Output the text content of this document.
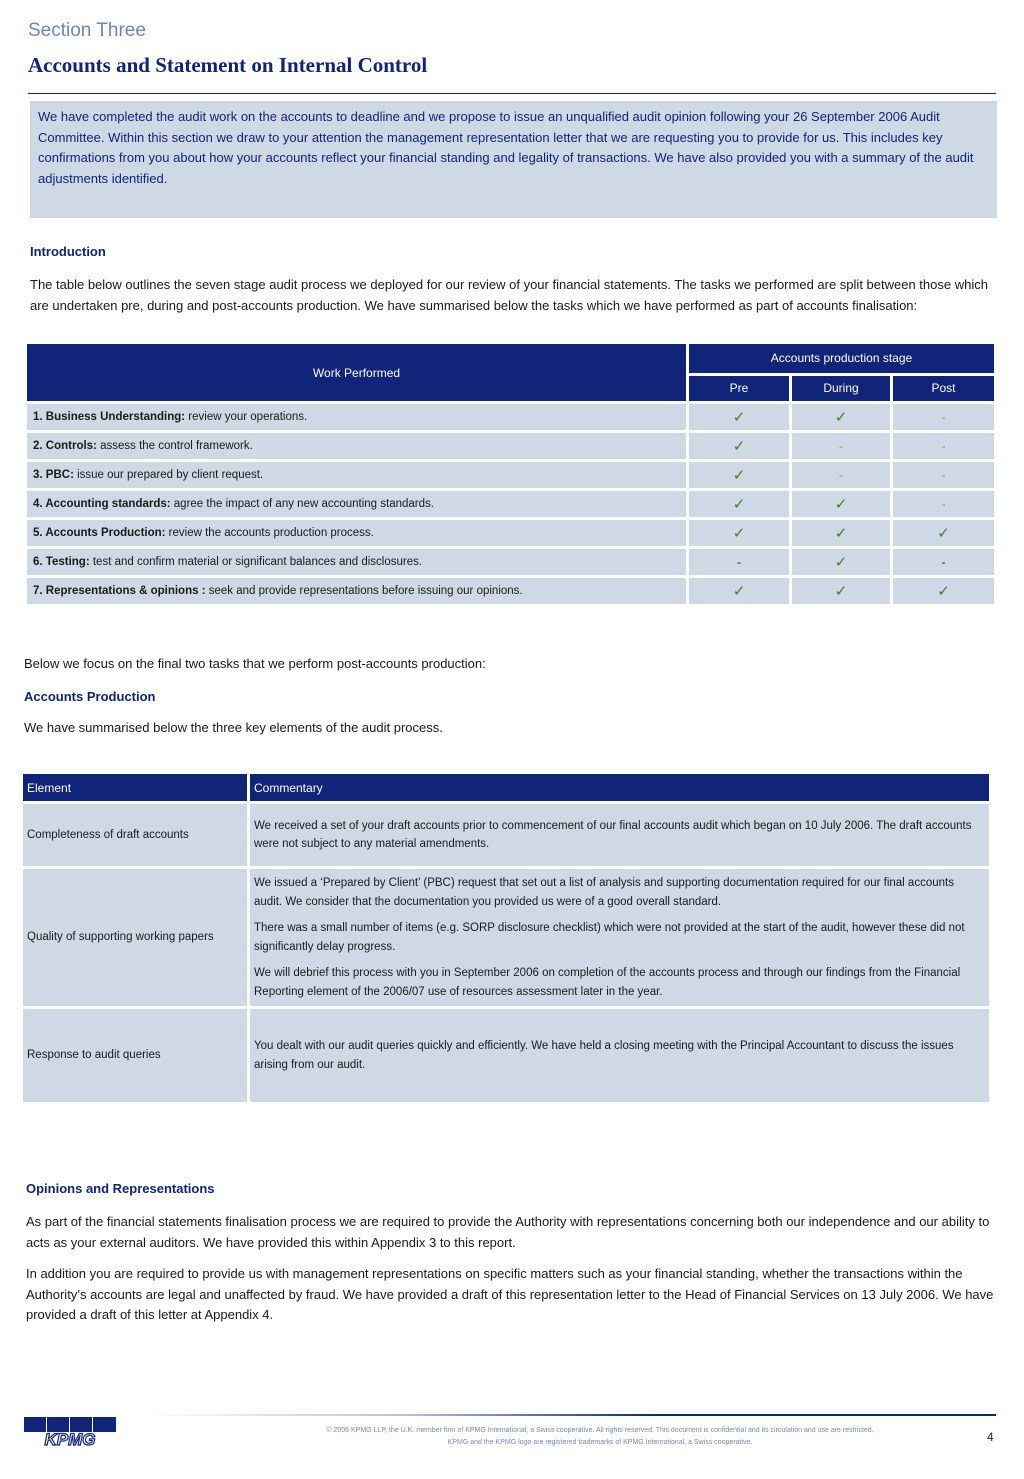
Section Three
Accounts and Statement on Internal Control

We have completed the audit work on the accounts to deadline and we propose to issue an unqualified audit opinion following your 26 September 2006 Audit Committee. Within this section we draw to your attention the management representation letter that we are requesting you to provide for us. This includes key confirmations from you about how your accounts reflect your financial standing and legality of transactions. We have also provided you with a summary of the audit adjustments identified.

Introduction
The table below outlines the seven stage audit process we deployed for our review of your financial statements. The tasks we performed are split between those which are undertaken pre, during and post-accounts production. We have summarised below the tasks which we have performed as part of accounts finalisation:
Work Performed	Accounts production stage		
	Pre	During	Post
1. Business Understanding: review your operations.	✓	✓	-
2. Controls: assess the control framework.	✓	-	-
3. PBC: issue our prepared by client request.	✓	-	-
4. Accounting standards: agree the impact of any new accounting standards.	✓	✓	-
5. Accounts Production: review the accounts production process.	✓	✓	✓
6. Testing: test and confirm material or significant balances and disclosures.	-	✓	-
7. Representations & opinions : seek and provide representations before issuing our opinions.	✓	✓	✓
Below we focus on the final two tasks that we perform post-accounts production:
Accounts Production
We have summarised below the three key elements of the audit process.
Element	Commentary
Completeness of draft accounts	We received a set of your draft accounts prior to commencement of our final accounts audit which began on 10 July 2006. The draft accounts were not subject to any material amendments.

Quality of supporting working papers	We issued a ‘Prepared by Client’ (PBC) request that set out a list of analysis and supporting documentation required for our final accounts audit. We consider that the documentation you provided us were of a good overall standard.

There was a small number of items (e.g. SORP disclosure checklist) which were not provided at the start of the audit, however these did not significantly delay progress.

We will debrief this process with you in September 2006 on completion of the accounts process and through our findings from the Financial Reporting element of the 2006/07 use of resources assessment later in the year.

Response to audit queries	You dealt with our audit queries quickly and efficiently. We have held a closing meeting with the Principal Accountant to discuss the issues arising from our audit.

Opinions and Representations
As part of the financial statements finalisation process we are required to provide the Authority with representations concerning both our independence and our ability to acts as your external auditors. We have provided this within Appendix 3 to this report.
In addition you are required to provide us with management representations on specific matters such as your financial standing, whether the transactions within the Authority’s accounts are legal and unaffected by fraud. We have provided a draft of this representation letter to the Head of Financial Services on 13 July 2006. We have provided a draft of this letter at Appendix 4.
KPMG	© 2006 KPMG LLP, the U.K. member firm of KPMG International, a Swiss cooperative. All rights reserved. This document is confidential and its circulation and use are restricted.
KPMG and the KPMG logo are registered trademarks of KPMG International, a Swiss cooperative.	4
